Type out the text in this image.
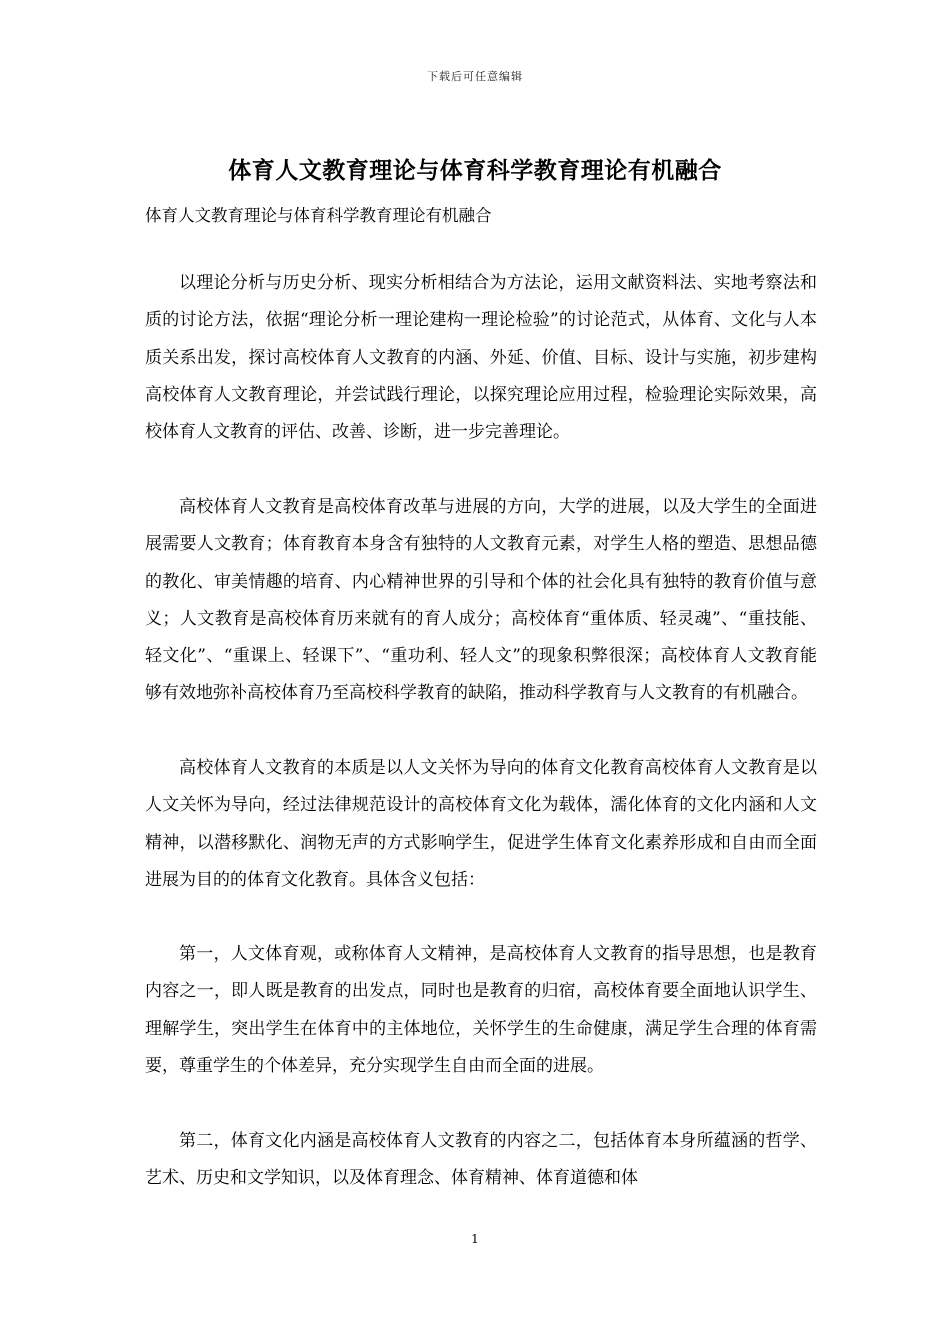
下载后可任意编辑
体育人文教育理论与体育科学教育理论有机融合
体育人文教育理论与体育科学教育理论有机融合
以理论分析与历史分析、现实分析相结合为方法论，运用文献资料法、实地考察法和质的讨论方法，依据“理论分析一理论建构一理论检验”的讨论范式，从体育、文化与人本质关系出发，探讨高校体育人文教育的内涵、外延、价值、目标、设计与实施，初步建构高校体育人文教育理论，并尝试践行理论，以探究理论应用过程，检验理论实际效果，高校体育人文教育的评估、改善、诊断，进一步完善理论。
高校体育人文教育是高校体育改革与进展的方向，大学的进展，以及大学生的全面进展需要人文教育；体育教育本身含有独特的人文教育元素，对学生人格的塑造、思想品德的教化、审美情趣的培育、内心精神世界的引导和个体的社会化具有独特的教育价值与意义；人文教育是高校体育历来就有的育人成分；高校体育“重体质、轻灵魂”、“重技能、轻文化”、“重课上、轻课下”、“重功利、轻人文”的现象积弊很深；高校体育人文教育能够有效地弥补高校体育乃至高校科学教育的缺陷，推动科学教育与人文教育的有机融合。
高校体育人文教育的本质是以人文关怀为导向的体育文化教育高校体育人文教育是以人文关怀为导向，经过法律规范设计的高校体育文化为载体，濡化体育的文化内涵和人文精神，以潜移默化、润物无声的方式影响学生，促进学生体育文化素养形成和自由而全面进展为目的的体育文化教育。具体含义包括：
第一，人文体育观，或称体育人文精神，是高校体育人文教育的指导思想，也是教育内容之一，即人既是教育的出发点，同时也是教育的归宿，高校体育要全面地认识学生、理解学生，突出学生在体育中的主体地位，关怀学生的生命健康，满足学生合理的体育需要，尊重学生的个体差异，充分实现学生自由而全面的进展。
第二，体育文化内涵是高校体育人文教育的内容之二，包括体育本身所蕴涵的哲学、艺术、历史和文学知识，以及体育理念、体育精神、体育道德和体
1
